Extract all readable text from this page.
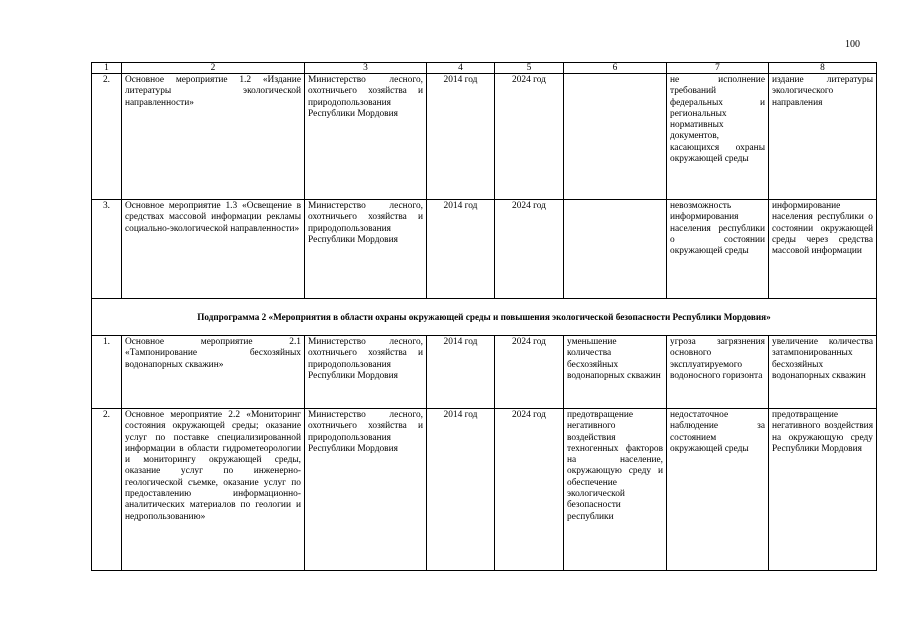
100
1	2	3	4	5	6	7	8
2.	Основное мероприятие 1.2 «Издание литературы экологической направленности»	Министерство лесного, охотничьего хозяйства и природопользования Республики Мордовия	2014 год	2024 год		не исполнение требований федеральных и региональных нормативных документов, касающихся охраны окружающей среды	издание литературы экологического направления
3.	Основное мероприятие 1.3 «Освещение в средствах массовой информации рекламы социально-экологической направленности»	Министерство лесного, охотничьего хозяйства и природопользования Республики Мордовия	2014 год	2024 год		невозможность информирования населения республики о состоянии окружающей среды	информирование населения республики о состоянии окружающей среды через средства массовой информации
Подпрограмма 2 «Мероприятия в области охраны окружающей среды и повышения экологической безопасности Республики Мордовия»							
1.	Основное мероприятие 2.1 «Тампонирование бесхозяйных водонапорных скважин»	Министерство лесного, охотничьего хозяйства и природопользования Республики Мордовия	2014 год	2024 год	уменьшение количества бесхозяйных водонапорных скважин	угроза загрязнения основного эксплуатируемого водоносного горизонта	увеличение количества затампонированных бесхозяйных водонапорных скважин
2.	Основное мероприятие 2.2 «Мониторинг состояния окружающей среды; оказание услуг по поставке специализированной информации в области гидрометеорологии и мониторингу окружающей среды, оказание услуг по инженерно-геологической съемке, оказание услуг по предоставлению информационно-аналитических материалов по геологии и недропользованию»	Министерство лесного, охотничьего хозяйства и природопользования Республики Мордовия	2014 год	2024 год	предотвращение негативного воздействия техногенных факторов на население, окружающую среду и обеспечение экологической безопасности республики	недостаточное наблюдение за состоянием окружающей среды	предотвращение негативного воздействия на окружающую среду Республики Мордовия
